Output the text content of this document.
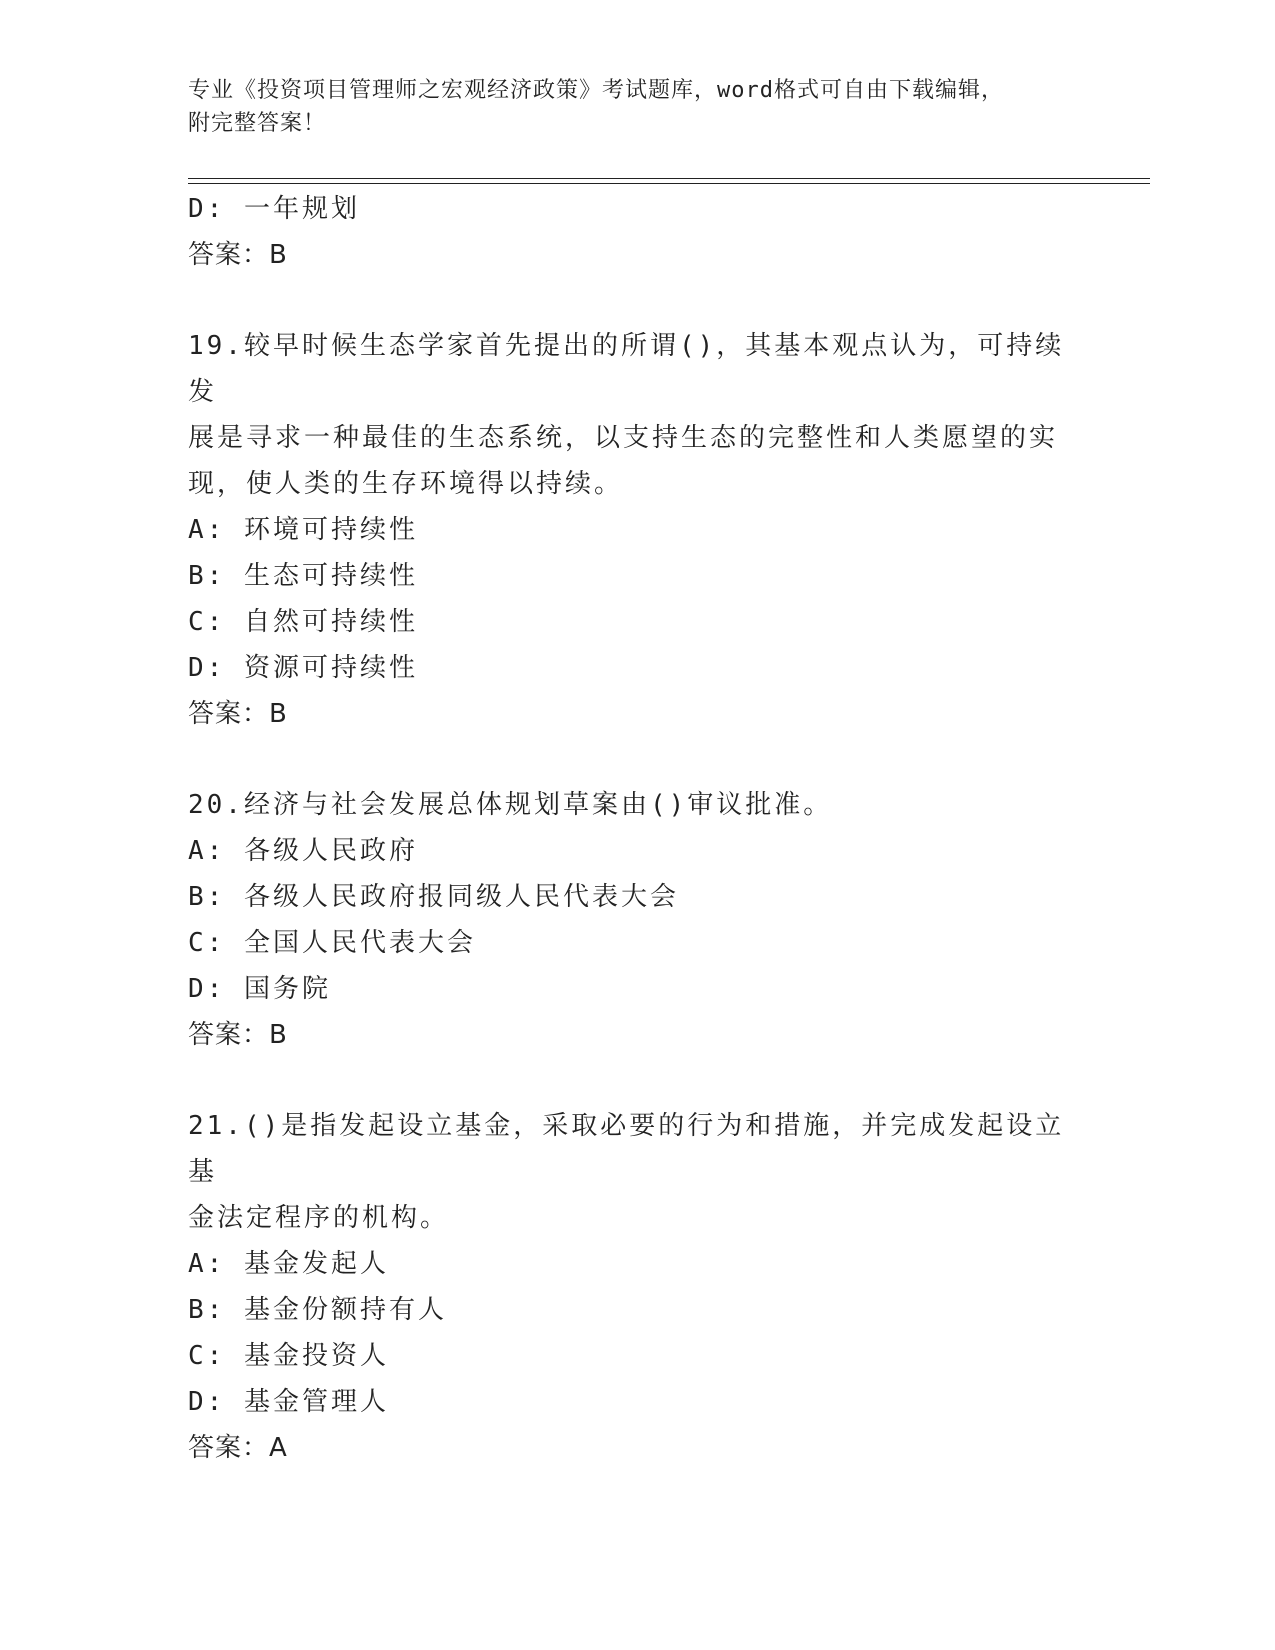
专业《投资项目管理师之宏观经济政策》考试题库，word格式可自由下载编辑，
附完整答案！
D: 一年规划
答案：B
19.较早时候生态学家首先提出的所谓()，其基本观点认为，可持续发
展是寻求一种最佳的生态系统，以支持生态的完整性和人类愿望的实
现，使人类的生存环境得以持续。
A: 环境可持续性
B: 生态可持续性
C: 自然可持续性
D: 资源可持续性
答案：B
20.经济与社会发展总体规划草案由()审议批准。
A: 各级人民政府
B: 各级人民政府报同级人民代表大会
C: 全国人民代表大会
D: 国务院
答案：B
21.()是指发起设立基金，采取必要的行为和措施，并完成发起设立基
金法定程序的机构。
A: 基金发起人
B: 基金份额持有人
C: 基金投资人
D: 基金管理人
答案：A
